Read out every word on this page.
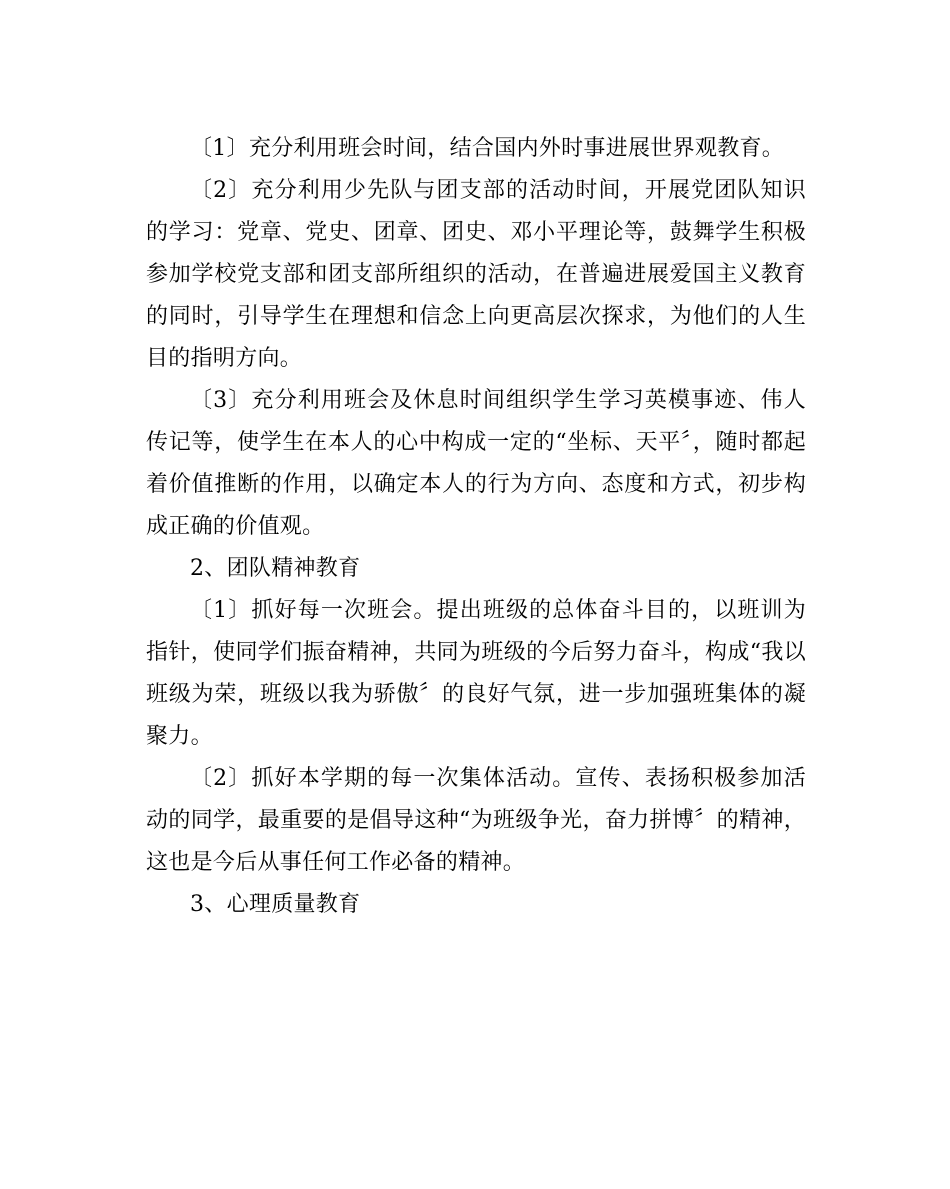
〔1〕充分利用班会时间，结合国内外时事进展世界观教育。

〔2〕充分利用少先队与团支部的活动时间，开展党团队知识的学习：党章、党史、团章、团史、邓小平理论等，鼓舞学生积极参加学校党支部和团支部所组织的活动，在普遍进展爱国主义教育的同时，引导学生在理想和信念上向更高层次探求，为他们的人生目的指明方向。

〔3〕充分利用班会及休息时间组织学生学习英模事迹、伟人传记等，使学生在本人的心中构成一定的“坐标、天平〞，随时都起着价值推断的作用，以确定本人的行为方向、态度和方式，初步构成正确的价值观。

2、团队精神教育

〔1〕抓好每一次班会。提出班级的总体奋斗目的，以班训为指针，使同学们振奋精神，共同为班级的今后努力奋斗，构成“我以班级为荣，班级以我为骄傲〞的良好气氛，进一步加强班集体的凝聚力。

〔2〕抓好本学期的每一次集体活动。宣传、表扬积极参加活动的同学，最重要的是倡导这种“为班级争光，奋力拼博〞的精神，这也是今后从事任何工作必备的精神。

3、心理质量教育
